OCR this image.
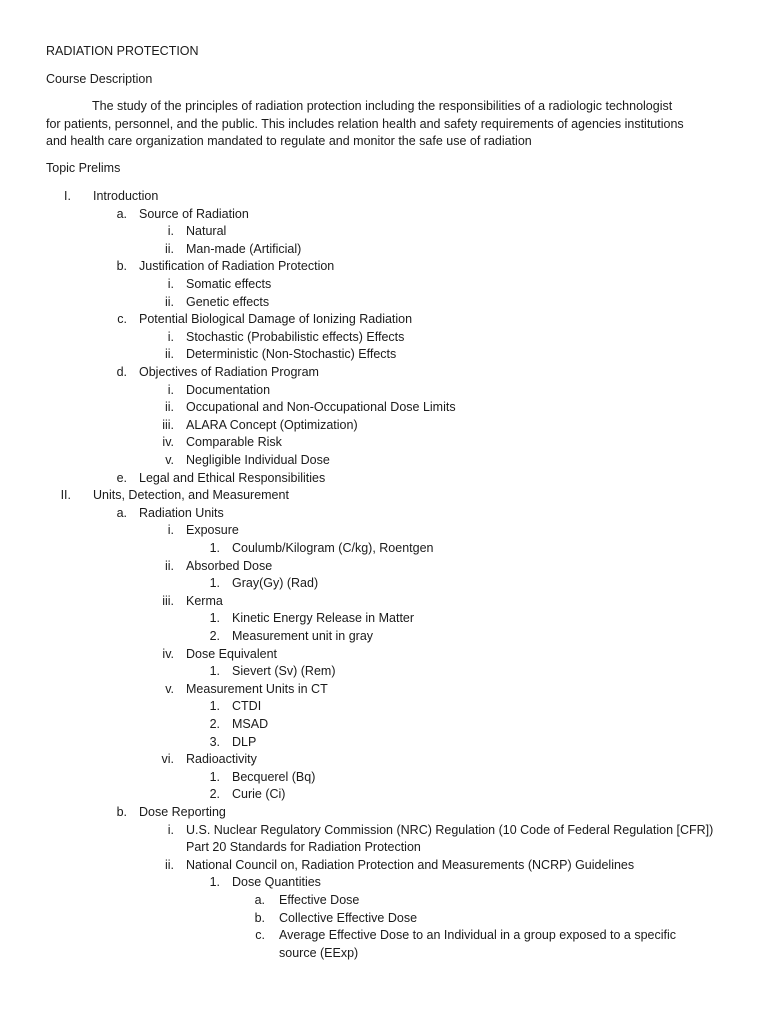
RADIATION PROTECTION
Course Description
The study of the principles of radiation protection including the responsibilities of a radiologic technologist
for patients, personnel, and the public. This includes relation health and safety requirements of agencies institutions
and health care organization mandated to regulate and monitor the safe use of radiation
Topic Prelims
I. Introduction
a. Source of Radiation
i. Natural
ii. Man-made (Artificial)
b. Justification of Radiation Protection
i. Somatic effects
ii. Genetic effects
c. Potential Biological Damage of Ionizing Radiation
i. Stochastic (Probabilistic effects) Effects
ii. Deterministic (Non-Stochastic) Effects
d. Objectives of Radiation Program
i. Documentation
ii. Occupational and Non-Occupational Dose Limits
iii. ALARA Concept (Optimization)
iv. Comparable Risk
v. Negligible Individual Dose
e. Legal and Ethical Responsibilities
II. Units, Detection, and Measurement
a. Radiation Units
i. Exposure
1. Coulumb/Kilogram (C/kg), Roentgen
ii. Absorbed Dose
1. Gray(Gy) (Rad)
iii. Kerma
1. Kinetic Energy Release in Matter
2. Measurement unit in gray
iv. Dose Equivalent
1. Sievert (Sv) (Rem)
v. Measurement Units in CT
1. CTDI
2. MSAD
3. DLP
vi. Radioactivity
1. Becquerel (Bq)
2. Curie (Ci)
b. Dose Reporting
i. U.S. Nuclear Regulatory Commission (NRC) Regulation (10 Code of Federal Regulation [CFR])
Part 20 Standards for Radiation Protection
ii. National Council on, Radiation Protection and Measurements (NCRP) Guidelines
1. Dose Quantities
a. Effective Dose
b. Collective Effective Dose
c. Average Effective Dose to an Individual in a group exposed to a specific
source (EExp)
